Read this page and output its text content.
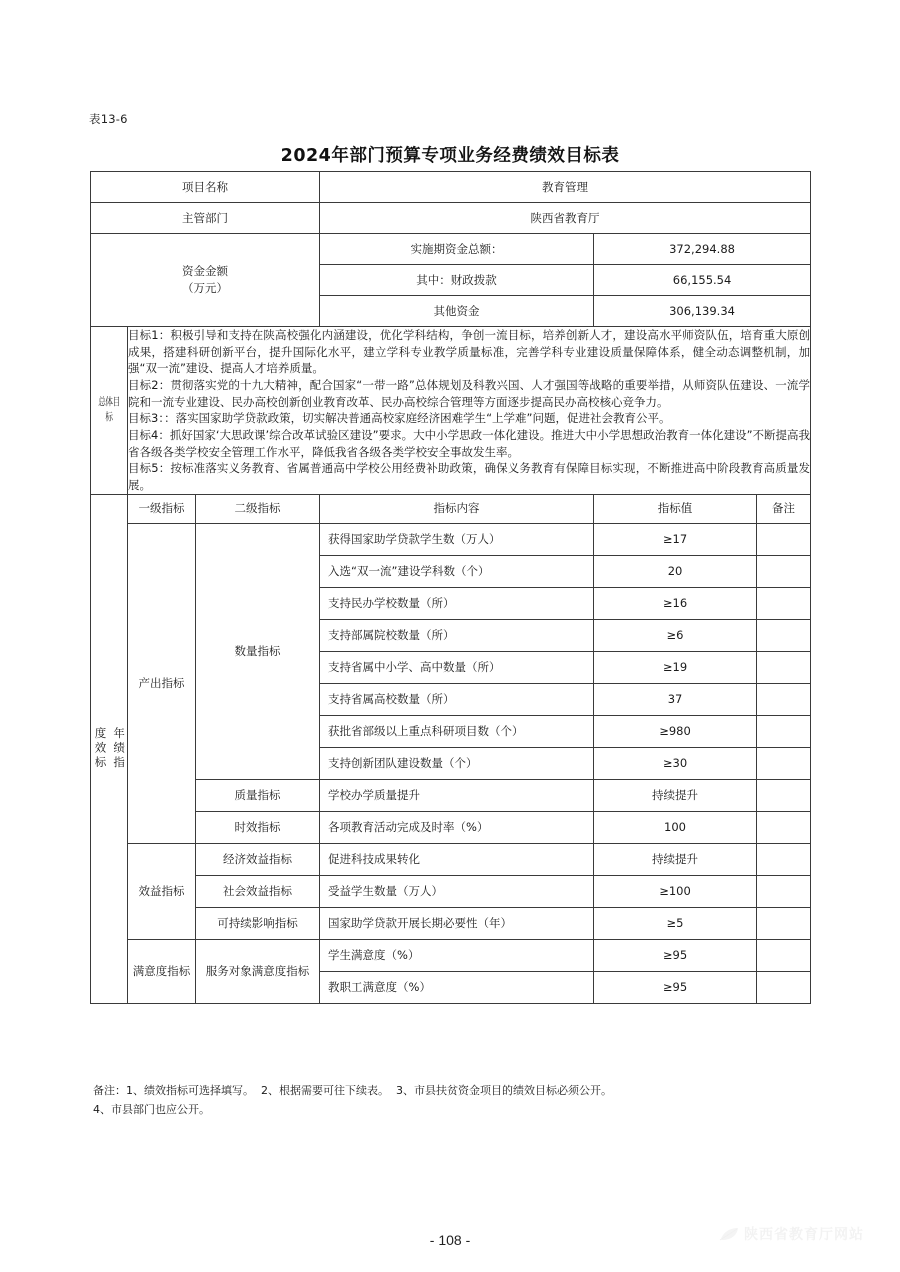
表13-6
2024年部门预算专项业务经费绩效目标表
项目名称			教育管理		
主管部门			陕西省教育厅		

资金金额
（万元）			实施期资金总额：	372,294.88	
			其中：财政拨款	66,155.54	
			其他资金	306,139.34	

总体目标	目标1：积极引导和支持在陕高校强化内涵建设，优化学科结构，争创一流目标，培养创新人才，建设高水平师资队伍，培育重大原创成果，搭建科研创新平台，提升国际化水平，建立学科专业教学质量标准，完善学科专业建设质量保障体系，健全动态调整机制，加强“双一流”建设、提高人才培养质量。

目标2：贯彻落实党的十九大精神，配合国家“一带一路”总体规划及科教兴国、人才强国等战略的重要举措，从师资队伍建设、一流学院和一流专业建设、民办高校创新创业教育改革、民办高校综合管理等方面逐步提高民办高校核心竞争力。

目标3：：落实国家助学贷款政策，切实解决普通高校家庭经济困难学生“上学难”问题，促进社会教育公平。

目标4：抓好国家‘大思政课’综合改革试验区建设”要求。大中小学思政一体化建设。推进大中小学思想政治教育一体化建设”不断提高我省各级各类学校安全管理工作水平，降低我省各级各类学校安全事故发生率。

目标5：按标准落实义务教育、省属普通高中学校公用经费补助政策，确保义务教育有保障目标实现，不断推进高中阶段教育高质量发展。				

年绩指
度效标	一级指标	二级指标	指标内容	指标值	备注
	产出指标	数量指标	获得国家助学贷款学生数（万人）	≥17	
			入选“双一流”建设学科数（个）	20	
			支持民办学校数量（所）	≥16	
			支持部属院校数量（所）	≥6	
			支持省属中小学、高中数量（所）	≥19	
			支持省属高校数量（所）	37	
			获批省部级以上重点科研项目数（个）	≥980	
			支持创新团队建设数量（个）	≥30	
		质量指标	学校办学质量提升	持续提升	
		时效指标	各项教育活动完成及时率（%）	100	
	效益指标	经济效益指标	促进科技成果转化	持续提升	
		社会效益指标	受益学生数量（万人）	≥100	
		可持续影响指标	国家助学贷款开展长期必要性（年）	≥5	
	满意度指标	服务对象满意度指标	学生满意度（%）	≥95	
			教职工满意度（%）	≥95	
备注：1、绩效指标可选择填写。  2、根据需要可往下续表。  3、市县扶贫资金项目的绩效目标必须公开。
4、市县部门也应公开。
- 108 -	陕西省教育厅网站
